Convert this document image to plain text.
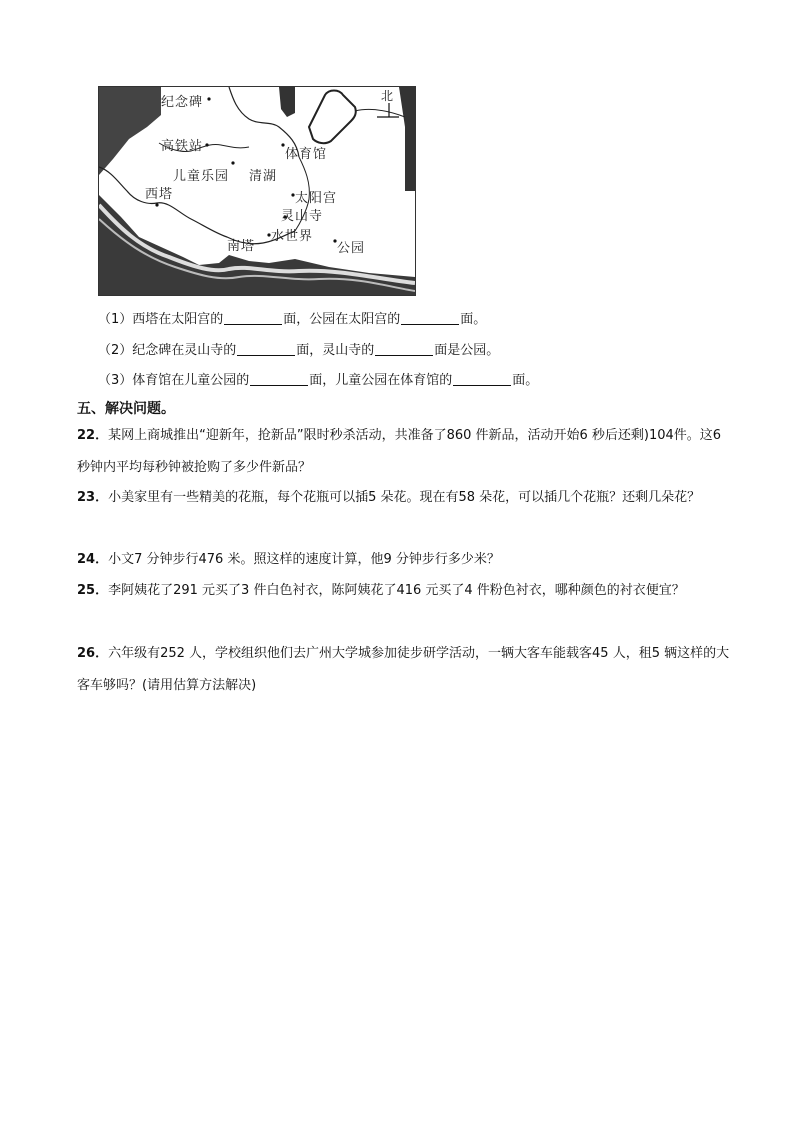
北
纪念碑
高铁站
体育馆
儿童乐园 清湖
西塔	太阳宫
灵山寺
水世界
南塔	公园
（1）西塔在太阳宫的	面，公园在太阳宫的	面。
（2）纪念碑在灵山寺的	面，灵山寺的	面是公园。
（3）体育馆在儿童公园的	面，儿童公园在体育馆的	面。
五、解决问题。
22．某网上商城推出“迎新年，抢新品”限时秒杀活动，共准备了860 件新品，活动开始6 秒后还剩)104件。这6 秒钟内平均每秒钟被抢购了多少件新品？
23．小美家里有一些精美的花瓶，每个花瓶可以插5 朵花。现在有58 朵花，可以插几个花瓶？还剩几朵花？
24．小文7 分钟步行476 米。照这样的速度计算，他9 分钟步行多少米？
25．李阿姨花了291 元买了3 件白色衬衣，陈阿姨花了416 元买了4 件粉色衬衣，哪种颜色的衬衣便宜？
26．六年级有252 人，学校组织他们去广州大学城参加徒步研学活动，一辆大客车能载客45 人，租5 辆这样的大客车够吗？(请用估算方法解决)
